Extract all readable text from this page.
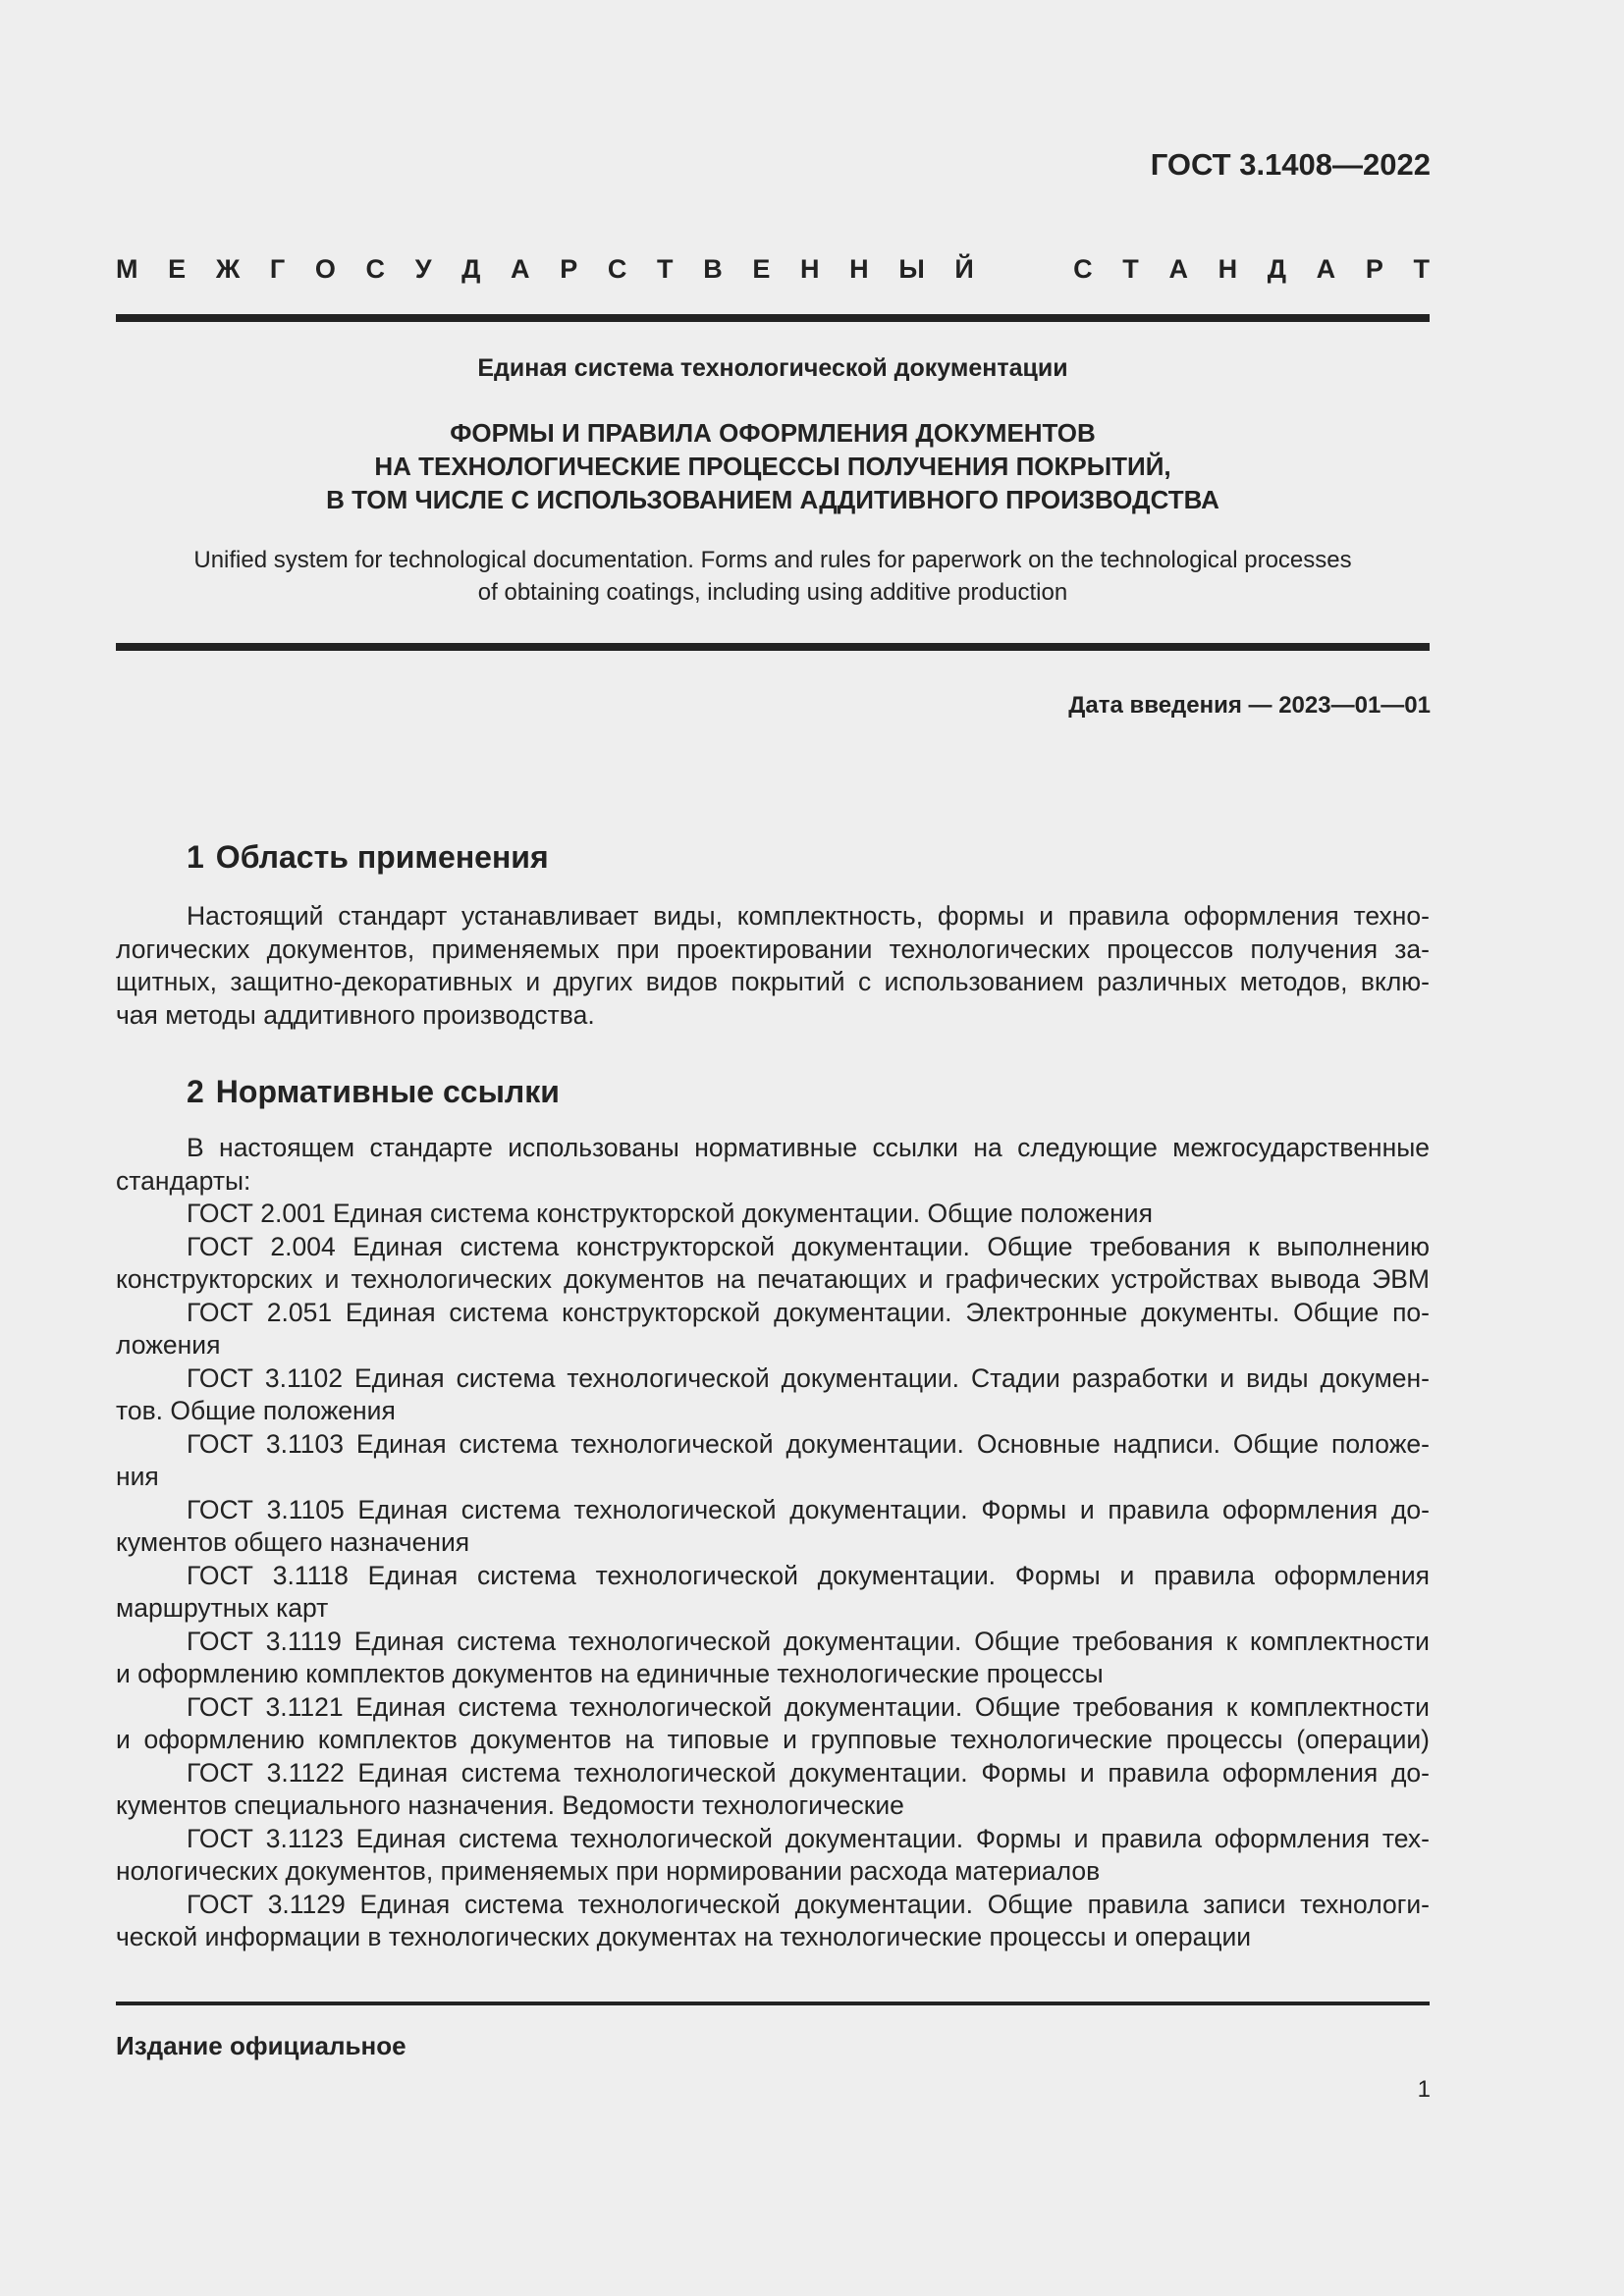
ГОСТ 3.1408—2022
М Е Ж Г О С У Д А Р С Т В Е Н Н Ы Й	С Т А Н Д А Р Т
Единая система технологической документации
ФОРМЫ И ПРАВИЛА ОФОРМЛЕНИЯ ДОКУМЕНТОВ
НА ТЕХНОЛОГИЧЕСКИЕ ПРОЦЕССЫ ПОЛУЧЕНИЯ ПОКРЫТИЙ,
В ТОМ ЧИСЛЕ С ИСПОЛЬЗОВАНИЕМ АДДИТИВНОГО ПРОИЗВОДСТВА
Unified system for technological documentation. Forms and rules for paperwork on the technological processes
of obtaining coatings, including using additive production
Дата введения — 2023—01—01
1 Область применения
Настоящий стандарт устанавливает виды, комплектность, формы и правила оформления техно-
логических документов, применяемых при проектировании технологических процессов получения за-
щитных, защитно-декоративных и других видов покрытий с использованием различных методов, вклю-
чая методы аддитивного производства.
2 Нормативные ссылки
В настоящем стандарте использованы нормативные ссылки на следующие межгосударственные
стандарты:
ГОСТ 2.001 Единая система конструкторской документации. Общие положения
ГОСТ 2.004 Единая система конструкторской документации. Общие требования к выполнению
конструкторских и технологических документов на печатающих и графических устройствах вывода ЭВМ
ГОСТ 2.051 Единая система конструкторской документации. Электронные документы. Общие по-
ложения
ГОСТ 3.1102 Единая система технологической документации. Стадии разработки и виды докумен-
тов. Общие положения
ГОСТ 3.1103 Единая система технологической документации. Основные надписи. Общие положе-
ния
ГОСТ 3.1105 Единая система технологической документации. Формы и правила оформления до-
кументов общего назначения
ГОСТ 3.1118 Единая система технологической документации. Формы и правила оформления
маршрутных карт
ГОСТ 3.1119 Единая система технологической документации. Общие требования к комплектности
и оформлению комплектов документов на единичные технологические процессы
ГОСТ 3.1121 Единая система технологической документации. Общие требования к комплектности
и оформлению комплектов документов на типовые и групповые технологические процессы (операции)
ГОСТ 3.1122 Единая система технологической документации. Формы и правила оформления до-
кументов специального назначения. Ведомости технологические
ГОСТ 3.1123 Единая система технологической документации. Формы и правила оформления тех-
нологических документов, применяемых при нормировании расхода материалов
ГОСТ 3.1129 Единая система технологической документации. Общие правила записи технологи-
ческой информации в технологических документах на технологические процессы и операции
Издание официальное
1
